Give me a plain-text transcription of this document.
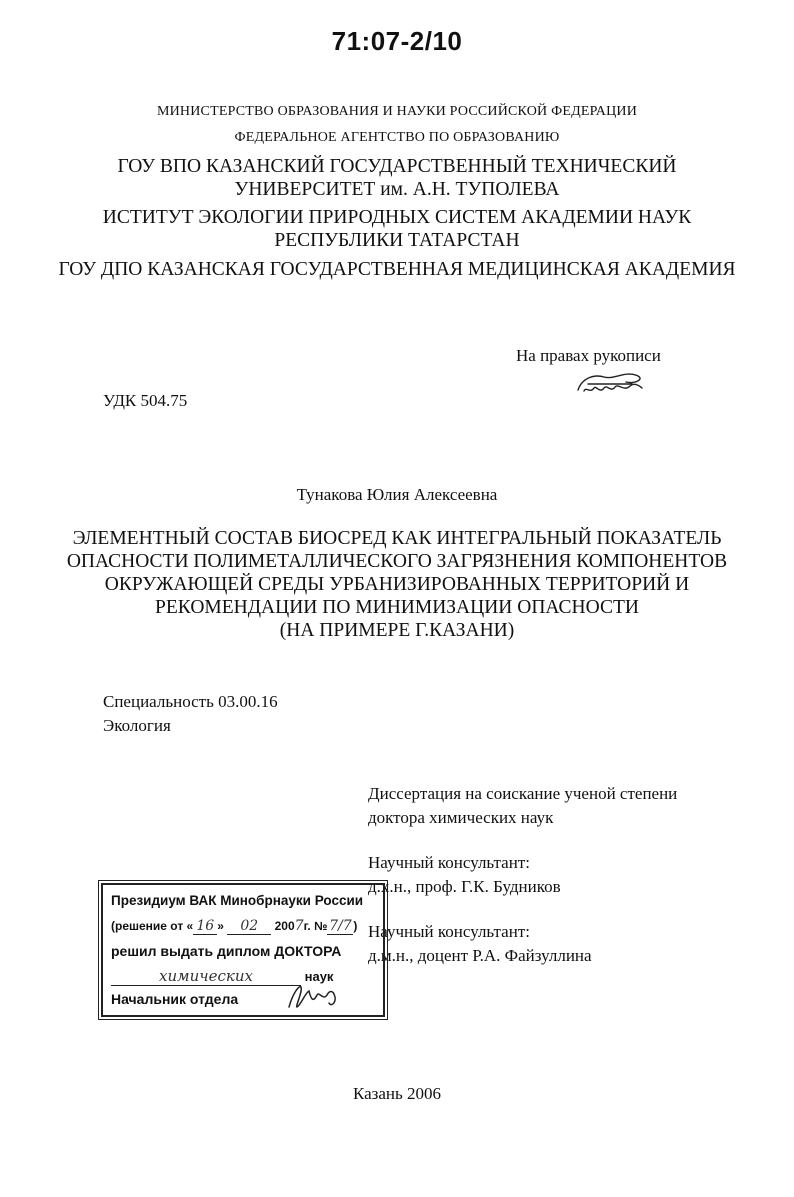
71:07-2/10
МИНИСТЕРСТВО ОБРАЗОВАНИЯ И НАУКИ РОССИЙСКОЙ ФЕДЕРАЦИИ
ФЕДЕРАЛЬНОЕ АГЕНТСТВО ПО ОБРАЗОВАНИЮ
ГОУ ВПО КАЗАНСКИЙ ГОСУДАРСТВЕННЫЙ ТЕХНИЧЕСКИЙ
УНИВЕРСИТЕТ им. А.Н. ТУПОЛЕВА
ИСТИТУТ ЭКОЛОГИИ ПРИРОДНЫХ СИСТЕМ АКАДЕМИИ НАУК
РЕСПУБЛИКИ ТАТАРСТАН
ГОУ ДПО КАЗАНСКАЯ ГОСУДАРСТВЕННАЯ МЕДИЦИНСКАЯ АКАДЕМИЯ
На правах рукописи
УДК 504.75
Тунакова Юлия Алексеевна
ЭЛЕМЕНТНЫЙ СОСТАВ БИОСРЕД КАК ИНТЕГРАЛЬНЫЙ ПОКАЗАТЕЛЬ
ОПАСНОСТИ ПОЛИМЕТАЛЛИЧЕСКОГО ЗАГРЯЗНЕНИЯ КОМПОНЕНТОВ
ОКРУЖАЮЩЕЙ СРЕДЫ УРБАНИЗИРОВАННЫХ ТЕРРИТОРИЙ И
РЕКОМЕНДАЦИИ ПО МИНИМИЗАЦИИ ОПАСНОСТИ
(НА ПРИМЕРЕ Г.КАЗАНИ)
Специальность 03.00.16
Экология
Диссертация на соискание ученой степени
доктора химических наук
Научный консультант:
д.х.н., проф. Г.К. Будников
Научный консультант:
д.м.н., доцент Р.А. Файзуллина
Президиум ВАК Минобрнауки России
(решение от « 16 » 02 2007г. № 7/7 )
решил выдать диплом ДОКТОРА
химических	наук
Начальник отдела
Казань 2006
